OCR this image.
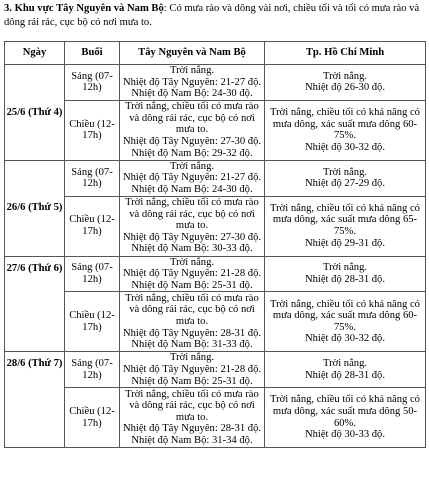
3. Khu vực Tây Nguyên và Nam Bộ: Có mưa rào và dông vài nơi, chiều tối và tối có mưa rào và dông rải rác, cục bộ có nơi mưa to.
Ngày	Buổi	Tây Nguyên và Nam Bộ	Tp. Hồ Chí Minh
25/6 (Thứ 4)	Sáng (07-12h)	Trời nắng.
Nhiệt độ Tây Nguyên: 21-27 độ.
Nhiệt độ Nam Bộ: 24-30 độ.	Trời nắng.
Nhiệt độ 26-30 độ.
	Chiều (12-17h)	Trời nắng, chiều tối có mưa rào và dông rải rác, cục bộ có nơi mưa to.
Nhiệt độ Tây Nguyên: 27-30 độ.
Nhiệt độ Nam Bộ: 29-32 độ.	Trời nắng, chiều tối có khả năng có mưa dông, xác suất mưa dông 60-75%.
Nhiệt độ 30-32 độ.
26/6 (Thứ 5)	Sáng (07-12h)	Trời nắng.
Nhiệt độ Tây Nguyên: 21-27 độ.
Nhiệt độ Nam Bộ: 24-30 độ.	Trời nắng.
Nhiệt độ 27-29 độ.
	Chiều (12-17h)	Trời nắng, chiều tối có mưa rào và dông rải rác, cục bộ có nơi mưa to.
Nhiệt độ Tây Nguyên: 27-30 độ.
Nhiệt độ Nam Bộ: 30-33 độ.	Trời nắng, chiều tối có khả năng có mưa dông, xác suất mưa dông 65-75%.
Nhiệt độ 29-31 độ.
27/6 (Thứ 6)	Sáng (07-12h)	Trời nắng.
Nhiệt độ Tây Nguyên: 21-28 độ.
Nhiệt độ Nam Bộ: 25-31 độ.	Trời nắng.
Nhiệt độ 28-31 độ.
	Chiều (12-17h)	Trời nắng, chiều tối có mưa rào và dông rải rác, cục bộ có nơi mưa to.
Nhiệt độ Tây Nguyên: 28-31 độ.
Nhiệt độ Nam Bộ: 31-33 độ.	Trời nắng, chiều tối có khả năng có mưa dông, xác suất mưa dông 60-75%.
Nhiệt độ 30-32 độ.
28/6 (Thứ 7)	Sáng (07-12h)	Trời nắng.
Nhiệt độ Tây Nguyên: 21-28 độ.
Nhiệt độ Nam Bộ: 25-31 độ.	Trời nắng.
Nhiệt độ 28-31 độ.
	Chiều (12-17h)	Trời nắng, chiều tối có mưa rào và dông rải rác, cục bộ có nơi mưa to.
Nhiệt độ Tây Nguyên: 28-31 độ.
Nhiệt độ Nam Bộ: 31-34 độ.	Trời nắng, chiều tối có khả năng có mưa dông, xác suất mưa dông 50-60%.
Nhiệt độ 30-33 độ.
